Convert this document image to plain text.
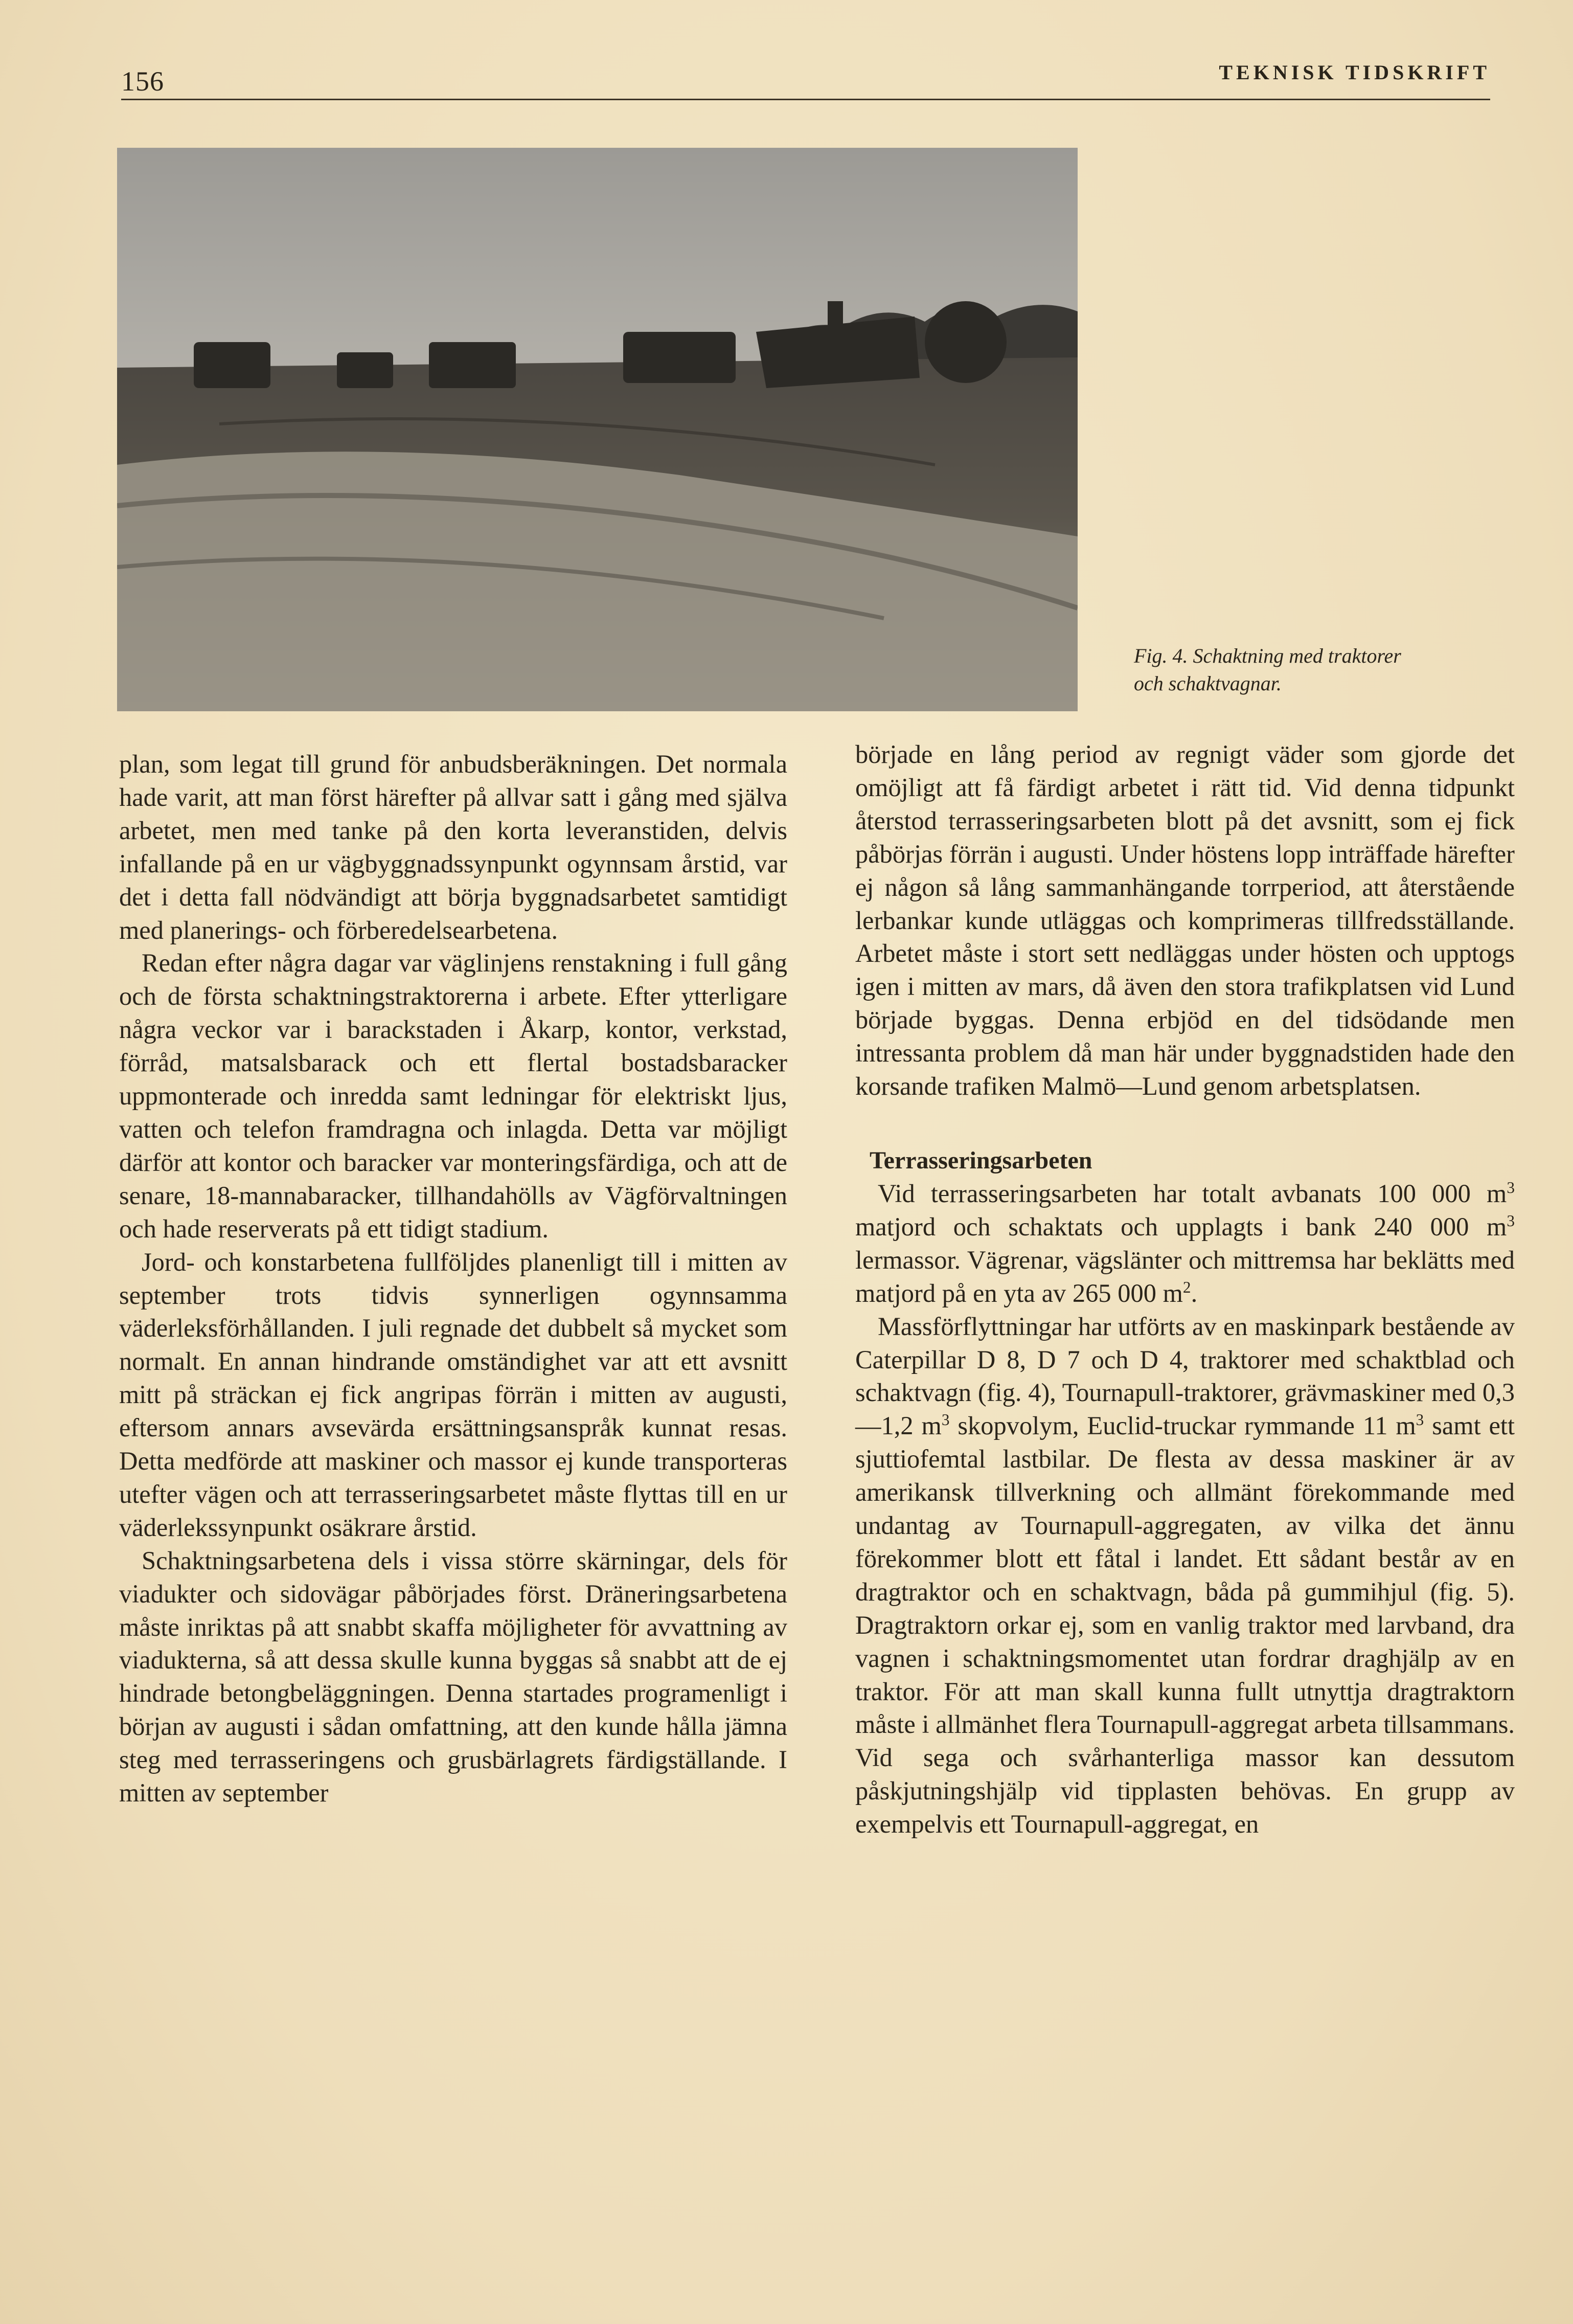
156	TEKNISK TIDSKRIFT
Fig. 4. Schaktning med traktorer
och schaktvagnar.

plan, som legat till grund för anbudsberäkningen. Det normala hade varit, att man först härefter på allvar satt i gång med själva arbetet, men med tanke på den korta leveranstiden, delvis infallande på en ur vägbyggnadssynpunkt ogynnsam årstid, var det i detta fall nödvändigt att börja byggnadsarbetet samtidigt med planerings- och förberedelsearbetena.

Redan efter några dagar var väglinjens renstakning i full gång och de första schaktningstraktorerna i arbete. Efter ytterligare några veckor var i barackstaden i Åkarp, kontor, verkstad, förråd, matsalsbarack och ett flertal bostadsbaracker uppmonterade och inredda samt ledningar för elektriskt ljus, vatten och telefon framdragna och inlagda. Detta var möjligt därför att kontor och baracker var monteringsfärdiga, och att de senare, 18-mannabaracker, tillhandahölls av Vägförvaltningen och hade reserverats på ett tidigt stadium.

Jord- och konstarbetena fullföljdes planenligt till i mitten av september trots tidvis synnerligen ogynnsamma väderleksförhållanden. I juli regnade det dubbelt så mycket som normalt. En annan hindrande omständighet var att ett avsnitt mitt på sträckan ej fick angripas förrän i mitten av augusti, eftersom annars avsevärda ersättningsanspråk kunnat resas. Detta medförde att maskiner och massor ej kunde transporteras utefter vägen och att terrasseringsarbetet måste flyttas till en ur väderlekssynpunkt osäkrare årstid.

Schaktningsarbetena dels i vissa större skärningar, dels för viadukter och sidovägar påbörjades först. Dräneringsarbetena måste inriktas på att snabbt skaffa möjligheter för avvattning av viadukterna, så att dessa skulle kunna byggas så snabbt att de ej hindrade betongbeläggningen. Denna startades programenligt i början av augusti i sådan omfattning, att den kunde hålla jämna steg med terrasseringens och grusbärlagrets färdigställande. I mitten av september

började en lång period av regnigt väder som gjorde det omöjligt att få färdigt arbetet i rätt tid. Vid denna tidpunkt återstod terrasseringsarbeten blott på det avsnitt, som ej fick påbörjas förrän i augusti. Under höstens lopp inträffade härefter ej någon så lång sammanhängande torrperiod, att återstående lerbankar kunde utläggas och komprimeras tillfredsställande. Arbetet måste i stort sett nedläggas under hösten och upptogs igen i mitten av mars, då även den stora trafikplatsen vid Lund började byggas. Denna erbjöd en del tidsödande men intressanta problem då man här under byggnadstiden hade den korsande trafiken Malmö—Lund genom arbetsplatsen.

Terrasseringsarbeten

Vid terrasseringsarbeten har totalt avbanats 100 000 $m^3$ matjord och schaktats och upplagts i bank 240 000 $m^3$ lermassor. Vägrenar, vägslänter och mittremsa har beklätts med matjord på en yta av 265 000 $m^2$.

Massförflyttningar har utförts av en maskinpark bestående av Caterpillar D 8, D 7 och D 4, traktorer med schaktblad och schaktvagn (fig. 4), Tournapull-traktorer, grävmaskiner med 0,3 —1,2 $m^3$ skopvolym, Euclid-truckar rymmande 11 $m^3$ samt ett sjuttiofemtal lastbilar. De flesta av dessa maskiner är av amerikansk tillverkning och allmänt förekommande med undantag av Tournapull-aggregaten, av vilka det ännu förekommer blott ett fåtal i landet. Ett sådant består av en dragtraktor och en schaktvagn, båda på gummihjul (fig. 5). Dragtraktorn orkar ej, som en vanlig traktor med larvband, dra vagnen i schaktningsmomentet utan fordrar draghjälp av en traktor. För att man skall kunna fullt utnyttja dragtraktorn måste i allmänhet flera Tournapull-aggregat arbeta tillsammans. Vid sega och svårhanterliga massor kan dessutom påskjutningshjälp vid tipplasten behövas. En grupp av exempelvis ett Tournapull-aggregat, en
